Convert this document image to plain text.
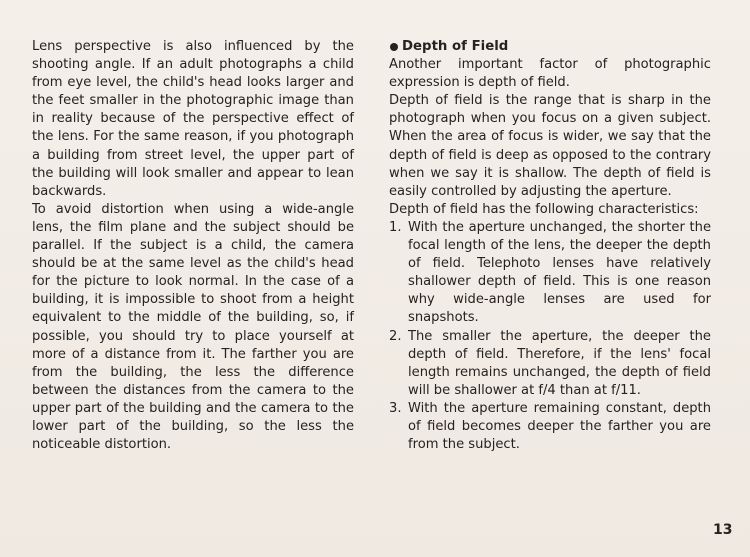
Lens perspective is also influenced by the shooting angle. If an adult photographs a child from eye level, the child's head looks larger and the feet smaller in the photographic image than in reality because of the perspective effect of the lens. For the same reason, if you photograph a building from street level, the upper part of the building will look smaller and appear to lean backwards.

To avoid distortion when using a wide-angle lens, the film plane and the subject should be parallel. If the subject is a child, the camera should be at the same level as the child's head for the picture to look normal. In the case of a building, it is impossible to shoot from a height equivalent to the middle of the building, so, if possible, you should try to place yourself at more of a distance from it. The farther you are from the building, the less the difference between the distances from the camera to the upper part of the building and the camera to the lower part of the building, so the less the noticeable distortion.

Depth of Field

Another important factor of photographic expression is depth of field.

Depth of field is the range that is sharp in the photograph when you focus on a given subject. When the area of focus is wider, we say that the depth of field is deep as opposed to the contrary when we say it is shallow. The depth of field is easily controlled by adjusting the aperture.

Depth of field has the following characteristics:

1. With the aperture unchanged, the shorter the focal length of the lens, the deeper the depth of field. Telephoto lenses have relatively shallower depth of field. This is one reason why wide-angle lenses are used for snapshots.
2. The smaller the aperture, the deeper the depth of field. Therefore, if the lens' focal length remains unchanged, the depth of field will be shallower at f/4 than at f/11.
3. With the aperture remaining constant, depth of field becomes deeper the farther you are from the subject.
13
